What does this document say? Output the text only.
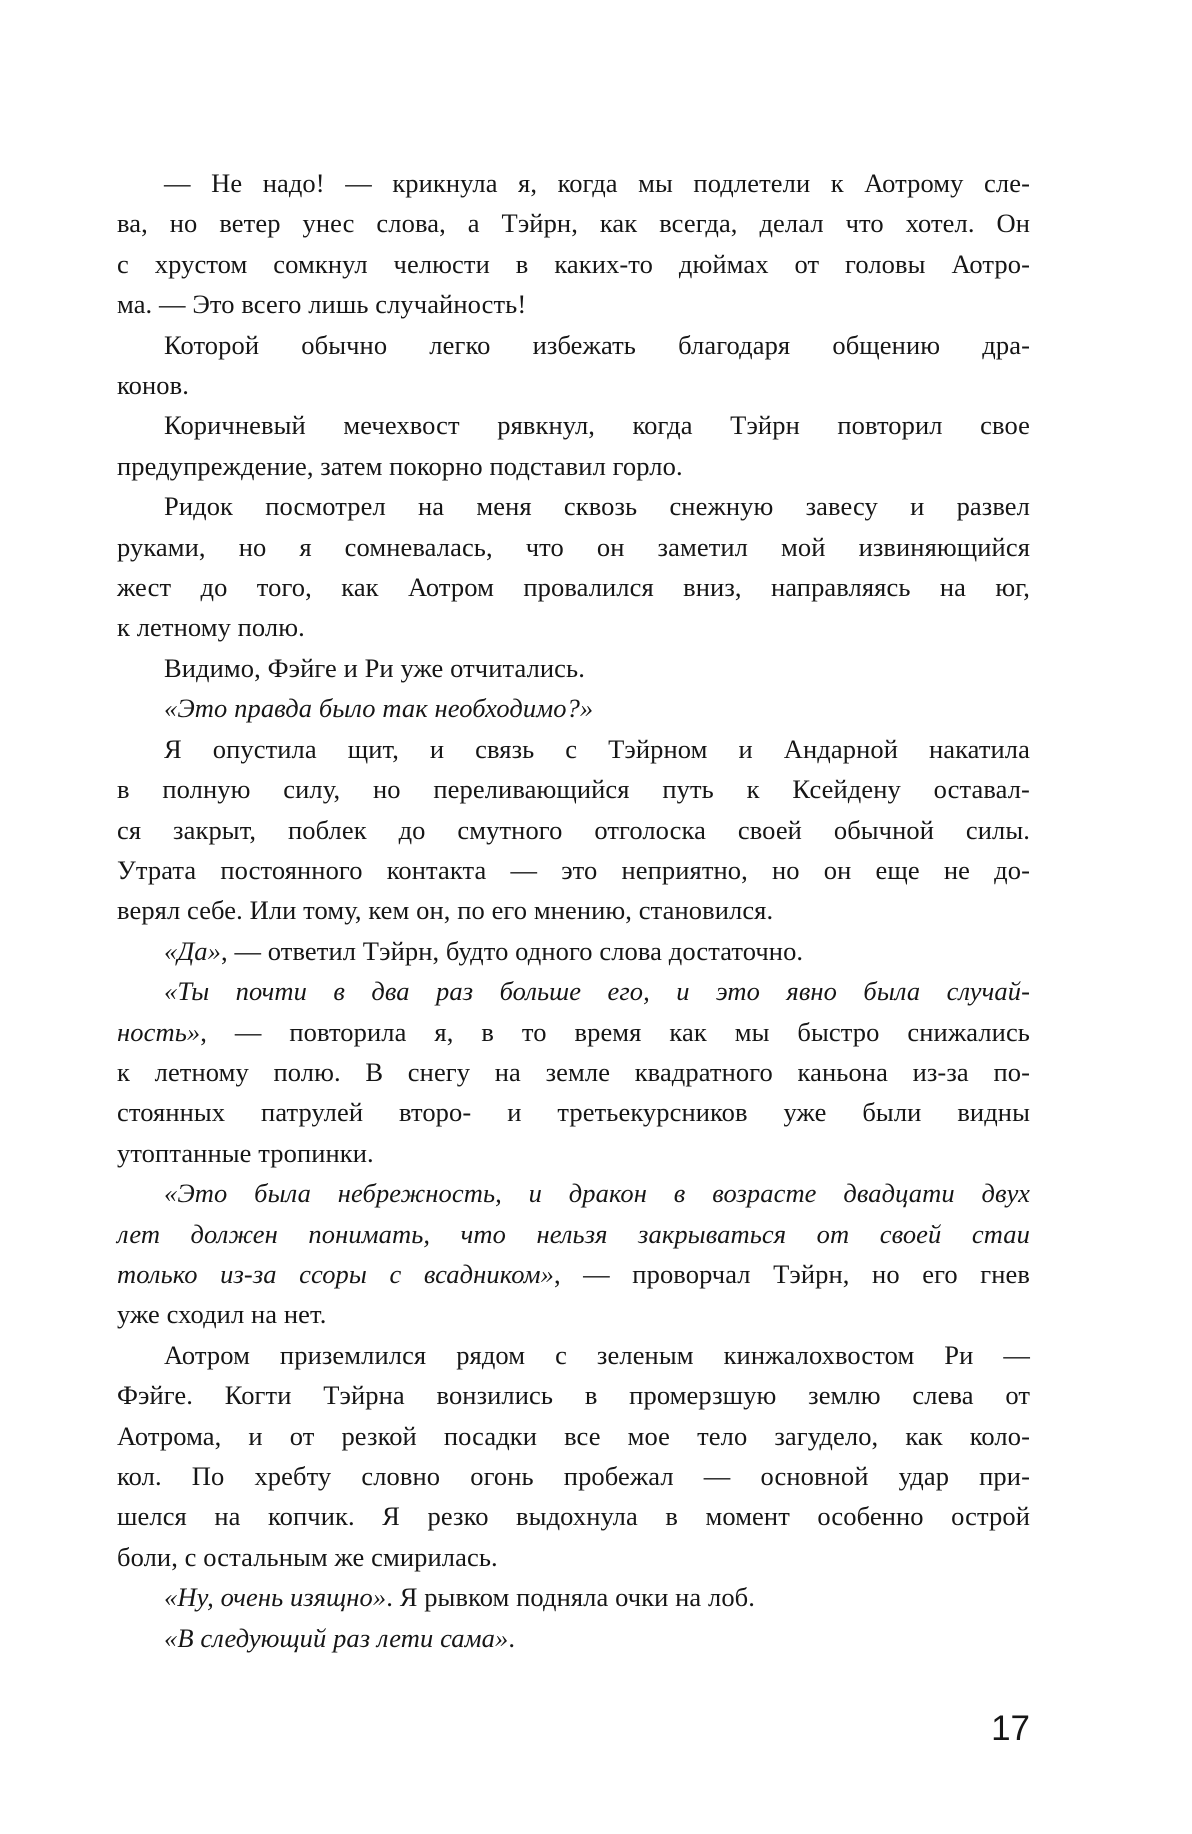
— Не надо! — крикнула я, когда мы подлетели к Аотрому сле-
ва, но ветер унес слова, а Тэйрн, как всегда, делал что хотел. Он
с хрустом сомкнул челюсти в каких-то дюймах от головы Аотро-
ма. — Это всего лишь случайность!
Которой обычно легко избежать благодаря общению дра-
конов.
Коричневый мечехвост рявкнул, когда Тэйрн повторил свое
предупреждение, затем покорно подставил горло.
Ридок посмотрел на меня сквозь снежную завесу и развел
руками, но я сомневалась, что он заметил мой извиняющийся
жест до того, как Аотром провалился вниз, направляясь на юг,
к летному полю.
Видимо, Фэйге и Ри уже отчитались.
«Это правда было так необходимо?»
Я опустила щит, и связь с Тэйрном и Андарной накатила
в полную силу, но переливающийся путь к Ксейдену оставал-
ся закрыт, поблек до смутного отголоска своей обычной силы.
Утрата постоянного контакта — это неприятно, но он еще не до-
верял себе. Или тому, кем он, по его мнению, становился.
«Да», — ответил Тэйрн, будто одного слова достаточно.
«Ты почти в два раз больше его, и это явно была случай-
ность», — повторила я, в то время как мы быстро снижались
к летному полю. В снегу на земле квадратного каньона из-за по-
стоянных патрулей второ- и третьекурсников уже были видны
утоптанные тропинки.
«Это была небрежность, и дракон в возрасте двадцати двух
лет должен понимать, что нельзя закрываться от своей стаи
только из-за ссоры с всадником», — проворчал Тэйрн, но его гнев
уже сходил на нет.
Аотром приземлился рядом с зеленым кинжалохвостом Ри —
Фэйге. Когти Тэйрна вонзились в промерзшую землю слева от
Аотрома, и от резкой посадки все мое тело загудело, как коло-
кол. По хребту словно огонь пробежал — основной удар при-
шелся на копчик. Я резко выдохнула в момент особенно острой
боли, с остальным же смирилась.
«Ну, очень изящно». Я рывком подняла очки на лоб.
«В следующий раз лети сама».
17
